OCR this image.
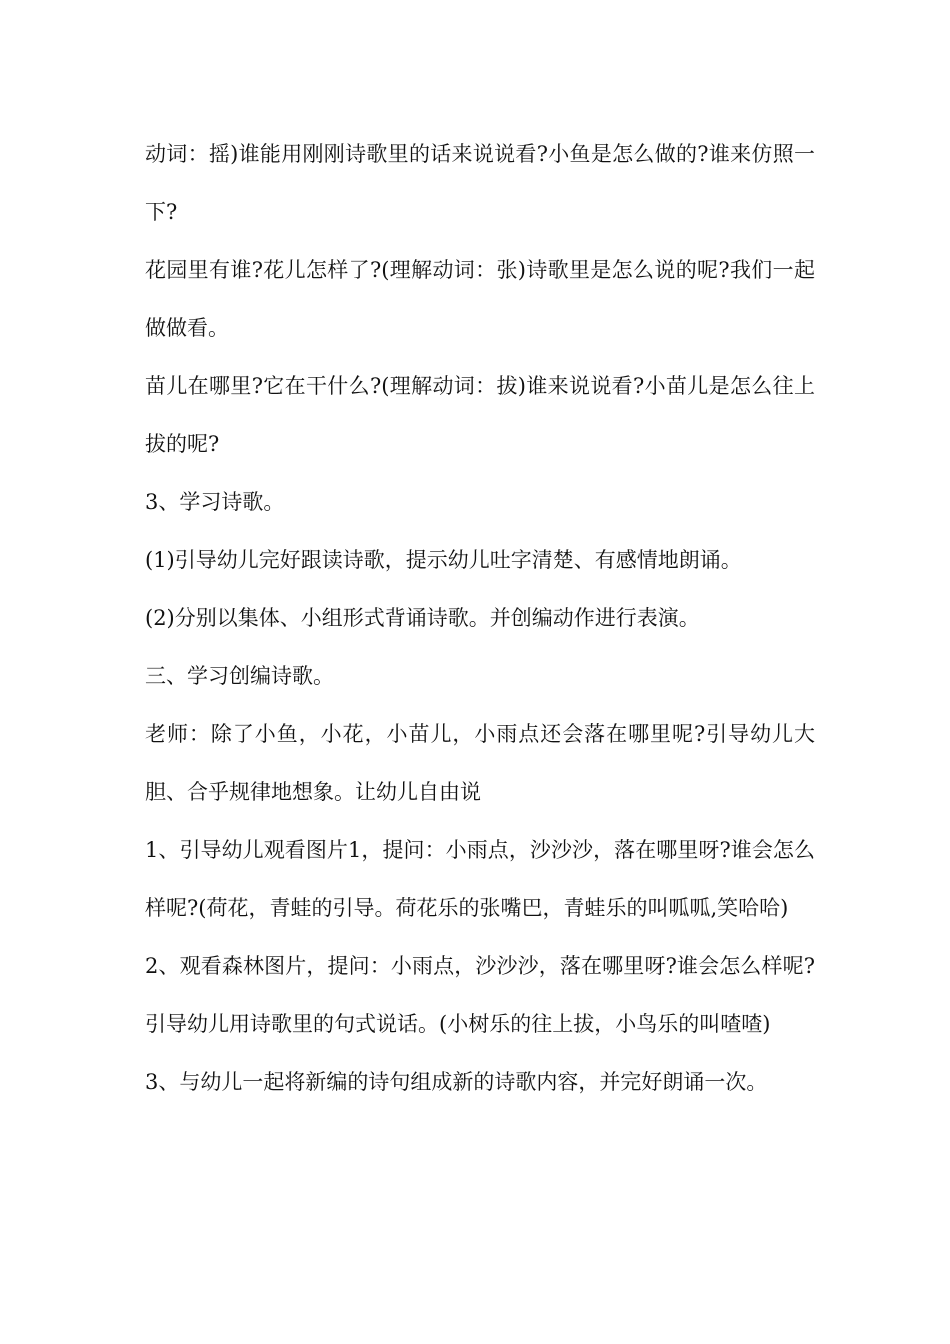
动词：摇)谁能用刚刚诗歌里的话来说说看?小鱼是怎么做的?谁来仿照一下?

花园里有谁?花儿怎样了?(理解动词：张)诗歌里是怎么说的呢?我们一起做做看。

苗儿在哪里?它在干什么?(理解动词：拔)谁来说说看?小苗儿是怎么往上拔的呢?

3、学习诗歌。

(1)引导幼儿完好跟读诗歌，提示幼儿吐字清楚、有感情地朗诵。

(2)分别以集体、小组形式背诵诗歌。并创编动作进行表演。

三、学习创编诗歌。

老师：除了小鱼，小花，小苗儿，小雨点还会落在哪里呢?引导幼儿大胆、合乎规律地想象。让幼儿自由说

1、引导幼儿观看图片1，提问：小雨点，沙沙沙，落在哪里呀?谁会怎么样呢?(荷花，青蛙的引导。荷花乐的张嘴巴，青蛙乐的叫呱呱,笑哈哈)

2、观看森林图片，提问：小雨点，沙沙沙，落在哪里呀?谁会怎么样呢?引导幼儿用诗歌里的句式说话。(小树乐的往上拔，小鸟乐的叫喳喳)

3、与幼儿一起将新编的诗句组成新的诗歌内容，并完好朗诵一次。
